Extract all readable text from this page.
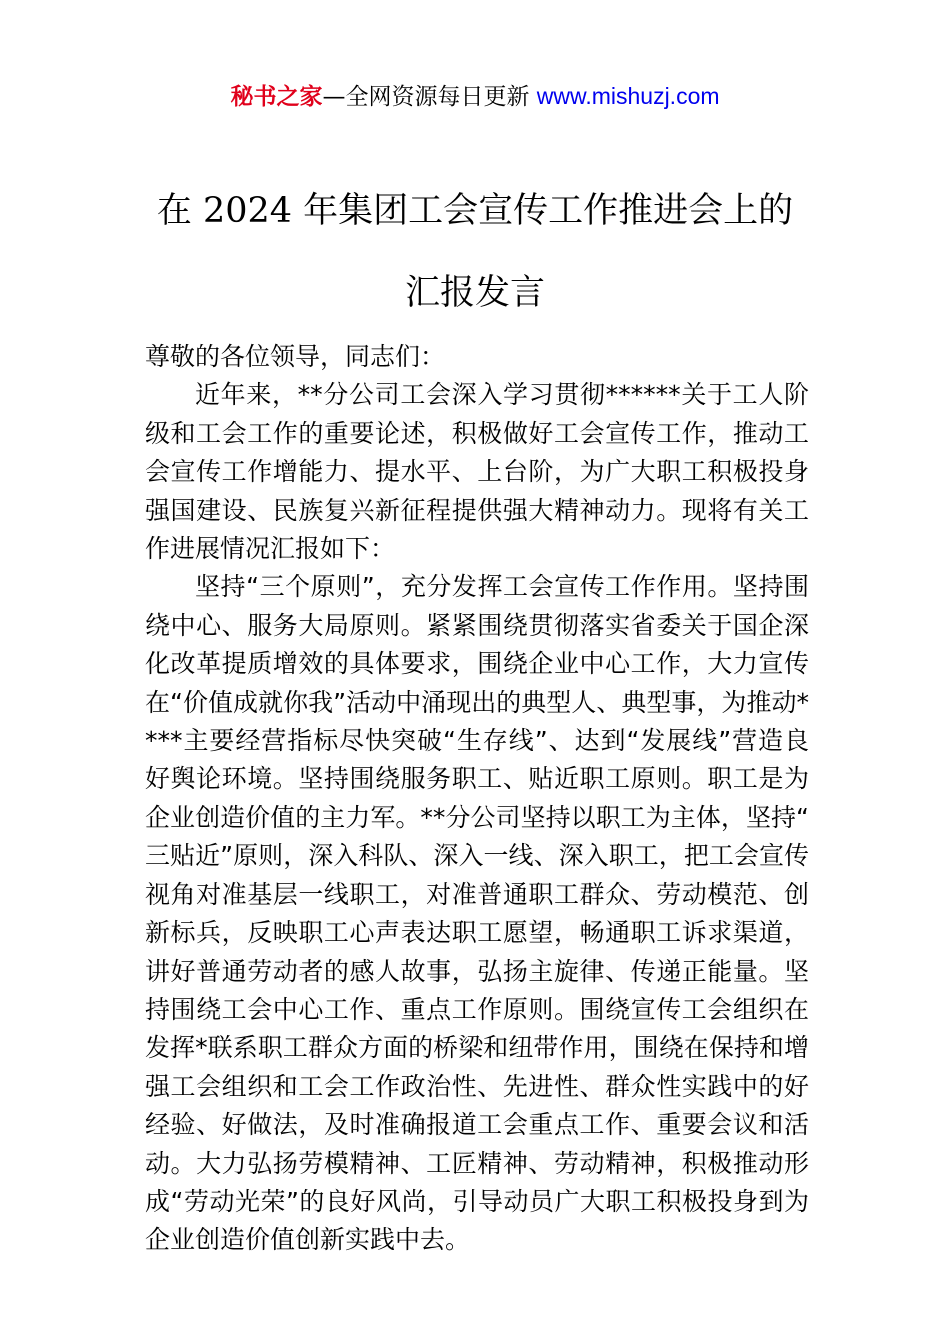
秘书之家—全网资源每日更新 www.mishuzj.com
在 2024 年集团工会宣传工作推进会上的
汇报发言

尊敬的各位领导，同志们：

近年来，**分公司工会深入学习贯彻******关于工人阶级和工会工作的重要论述，积极做好工会宣传工作，推动工会宣传工作增能力、提水平、上台阶，为广大职工积极投身强国建设、民族复兴新征程提供强大精神动力。现将有关工作进展情况汇报如下：

坚持“三个原则”，充分发挥工会宣传工作作用。坚持围绕中心、服务大局原则。紧紧围绕贯彻落实省委关于国企深化改革提质增效的具体要求，围绕企业中心工作，大力宣传在“价值成就你我”活动中涌现出的典型人、典型事，为推动****主要经营指标尽快突破“生存线”、达到“发展线”营造良好舆论环境。坚持围绕服务职工、贴近职工原则。职工是为企业创造价值的主力军。**分公司坚持以职工为主体，坚持“三贴近”原则，深入科队、深入一线、深入职工，把工会宣传视角对准基层一线职工，对准普通职工群众、劳动模范、创新标兵，反映职工心声表达职工愿望，畅通职工诉求渠道，讲好普通劳动者的感人故事，弘扬主旋律、传递正能量。坚持围绕工会中心工作、重点工作原则。围绕宣传工会组织在发挥*联系职工群众方面的桥梁和纽带作用，围绕在保持和增强工会组织和工会工作政治性、先进性、群众性实践中的好经验、好做法，及时准确报道工会重点工作、重要会议和活动。大力弘扬劳模精神、工匠精神、劳动精神，积极推动形成“劳动光荣”的良好风尚，引导动员广大职工积极投身到为企业创造价值创新实践中去。
